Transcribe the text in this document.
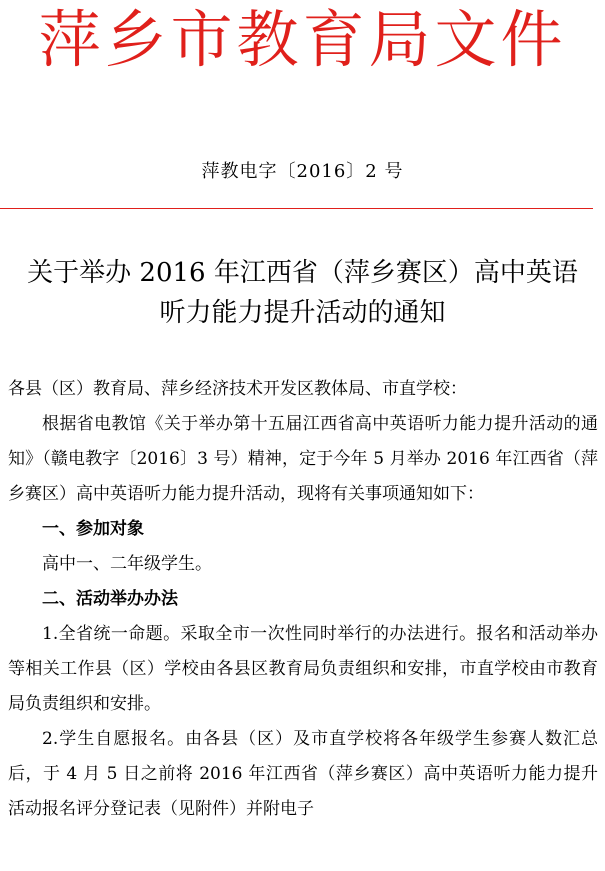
萍乡市教育局文件
萍教电字〔2016〕2 号
关于举办 2016 年江西省（萍乡赛区）高中英语
听力能力提升活动的通知

各县（区）教育局、萍乡经济技术开发区教体局、市直学校：

根据省电教馆《关于举办第十五届江西省高中英语听力能力提升活动的通知》（赣电教字〔2016〕3 号）精神，定于今年 5 月举办 2016 年江西省（萍乡赛区）高中英语听力能力提升活动，现将有关事项通知如下：

一、参加对象

高中一、二年级学生。

二、活动举办办法

1.全省统一命题。采取全市一次性同时举行的办法进行。报名和活动举办等相关工作县（区）学校由各县区教育局负责组织和安排，市直学校由市教育局负责组织和安排。

2.学生自愿报名。由各县（区）及市直学校将各年级学生参赛人数汇总后，于 4 月 5 日之前将 2016 年江西省（萍乡赛区）高中英语听力能力提升活动报名评分登记表（见附件）并附电子
